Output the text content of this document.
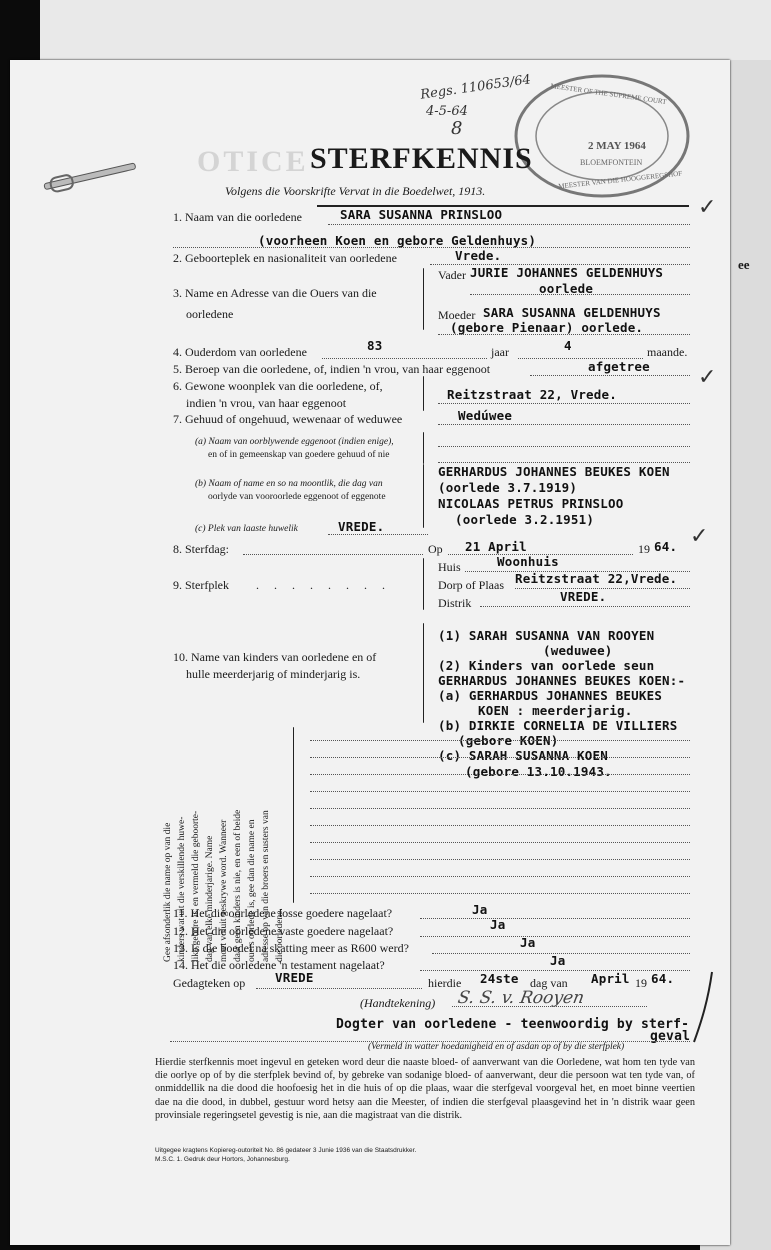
ee
OTICE
Regs. 110653/64
4-5-64
8
MEESTER OF THE SUPREME COURT
2 MAY 1964
BLOEMFONTEIN
MEESTER VAN DIE HOOGGEREGSHOF
STERFKENNIS
Volgens die Voorskrifte Vervat in die Boedelwet, 1913.
✓
1. Naam van die oorledene	SARA SUSANNA PRINSLOO
(voorheen Koen en gebore Geldenhuys)
2. Geboorteplek en nasionaliteit van oorledene	Vrede.
3. Name en Adresse van die Ouers van die
oorledene
Vader JURIE JOHANNES GELDENHUYS
oorlede
Moeder SARA SUSANNA GELDENHUYS
(gebore Pienaar) oorlede.
4. Ouderdom van oorledene	83	jaar	4	maande.
5. Beroep van die oorledene, of, indien 'n vrou, van haar eggenoot	afgetree
6. Gewone woonplek van die oorledene, of,
indien 'n vrou, van haar eggenoot
Reitzstraat 22, Vrede.
✓
7. Gehuud of ongehuud, wewenaar of weduwee	Wedúwee
(a) Naam van oorblywende eggenoot (indien enige),
en of in gemeenskap van goedere gehuud of nie
(b) Naam of name en so na moontlik, die dag van
oorlyde van vooroorlede eggenoot of eggenote
GERHARDUS JOHANNES BEUKES KOEN
(oorlede 3.7.1919)
NICOLAAS PETRUS PRINSLOO
(oorlede 3.2.1951)
(c) Plek van laaste huwelik	VREDE.
8. Sterfdag:	Op 21 April	19 64. ✓
9. Sterfplek . . . . . . . .
Huis	Woonhuis
Dorp of Plaas Reitzstraat 22,Vrede.
Distrik	VREDE.
10. Name van kinders van oorledene en of
hulle meerderjarig of minderjarig is.
(1) SARAH SUSANNA VAN ROOYEN
(weduwee)
(2) Kinders van oorlede seun
GERHARDUS JOHANNES BEUKES KOEN:-
(a) GERHARDUS JOHANNES BEUKES
KOEN : meerderjarig.
(b) DIRKIE CORNELIA DE VILLIERS
(gebore KOEN)
(c) SARAH SUSANNA KOEN
(gebore 13.10.1943.
Gee afsonderlik die name op van die kinders wat uit die verskillende huwe- like gebore is, en vermeld die geboorte- dag van elke minderjarige. Name moet voluit geskrywe word. Wanneer daar geen kinders is nie, en een of beide ouers oorlede is, gee dan die name en adresse op van die broers en susters van die oorledene.
11. Het die oorledene losse goedere nagelaat?	Ja
12. Het die oorledene vaste goedere nagelaat?	Ja
13. Is die boedel na skatting meer as R600 werd?	Ja
14. Het die oorledene 'n testament nagelaat?	Ja
Gedagteken op VREDE	hierdie 24ste dag van April 19 64.
(Handtekening) S. S. v. Rooyen
Dogter van oorledene - teenwoordig by sterf-
geval
(Vermeld in watter hoedanigheid en of asdan op of by die sterfplek)

Hierdie sterfkennis moet ingevul en geteken word deur die naaste bloed- of aanverwant van die Oorledene, wat hom ten tyde van die oorlye op of by die sterfplek bevind of, by gebreke van sodanige bloed- of aanverwant, deur die persoon wat ten tyde van, of onmiddellik na die dood die hoofoesig het in die huis of op die plaas, waar die sterfgeval voorgeval het, en moet binne veertien dae na die dood, in dubbel, gestuur word hetsy aan die Meester, of indien die sterfgeval plaasgevind het in 'n distrik waar geen provinsiale regeringsetel gevestig is nie, aan die magistraat van die distrik.

Uitgegee kragtens Kopiereg-outoriteit No. 86 gedateer 3 Junie 1936 van die Staatsdrukker.
M.S.C. 1. Gedruk deur Hortors, Johannesburg.
